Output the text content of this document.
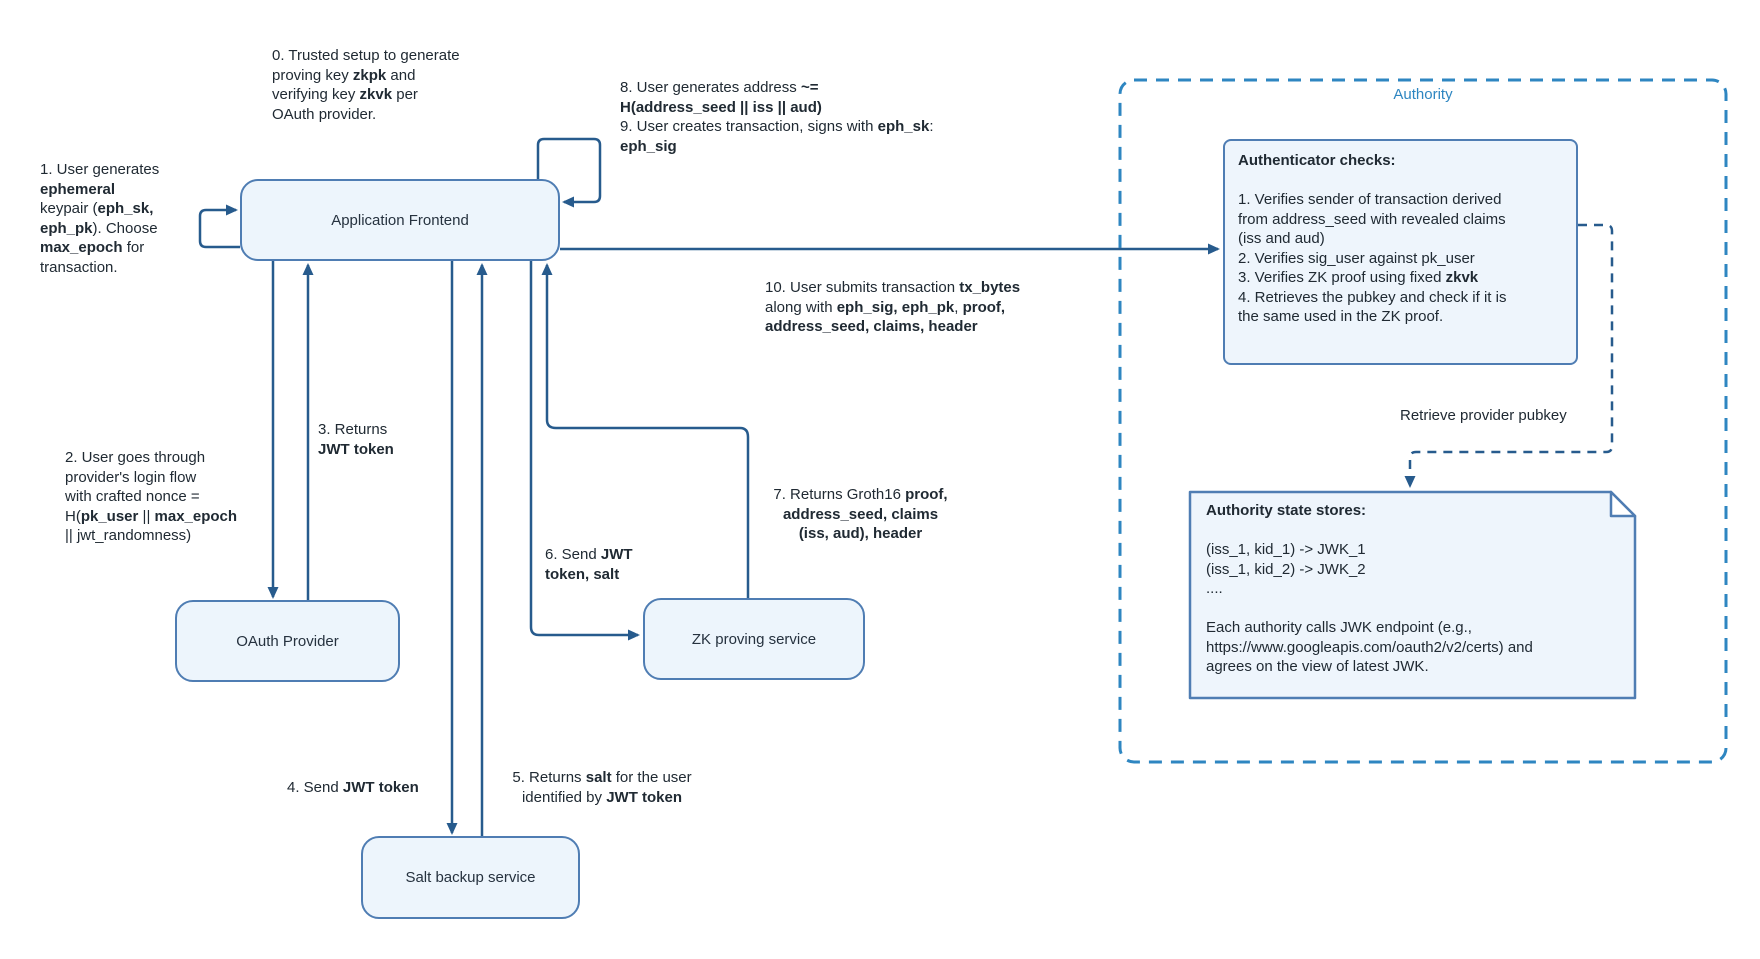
Authority
Application Frontend
OAuth Provider	ZK proving service
Salt backup service
Authenticator checks:

1. Verifies sender of transaction derived
from address_seed with revealed claims
(iss and aud)
2. Verifies sig_user against pk_user
3. Verifies ZK proof using fixed zkvk
4. Retrieves the pubkey and check if it is
the same used in the ZK proof.
Authority state stores:

(iss_1, kid_1) -> JWK_1
(iss_1, kid_2) -> JWK_2
....

Each authority calls JWK endpoint (e.g.,
https://www.googleapis.com/oauth2/v2/certs) and
agrees on the view of latest JWK.
Retrieve provider pubkey
0. Trusted setup to generate
proving key zkpk and
verifying key zkvk per
OAuth provider.
1. User generates
ephemeral
keypair (eph_sk,
eph_pk). Choose
max_epoch for
transaction.
2. User goes through
provider's login flow
with crafted nonce =
H(pk_user || max_epoch
|| jwt_randomness)
3. Returns
JWT token
4. Send JWT token
5. Returns salt for the user
identified by JWT token
6. Send JWT
token, salt
7. Returns Groth16 proof,
address_seed, claims
(iss, aud), header
8. User generates address ~=
H(address_seed || iss || aud)
9. User creates transaction, signs with eph_sk:
eph_sig
10. User submits transaction tx_bytes
along with eph_sig, eph_pk, proof,
address_seed, claims, header
